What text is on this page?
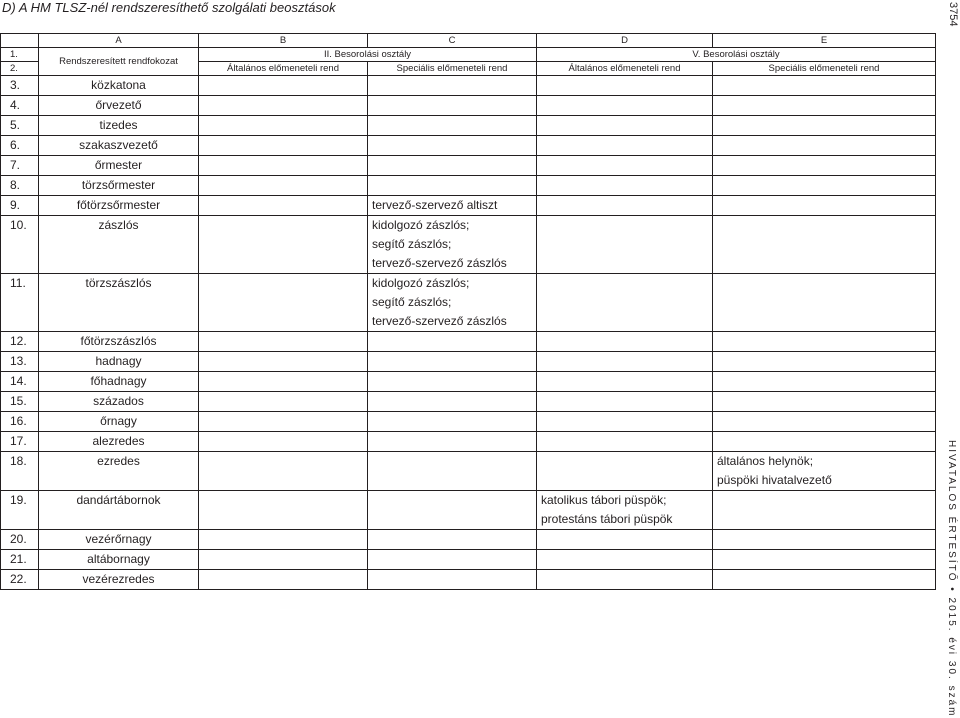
D) A HM TLSZ-nél rendszeresíthető szolgálati beosztások	3754
HIVATALOS ÉRTESÍTŐ • 2015. évi 30. szám
	A	B	C	D	E
1.	Rendszeresített rendfokozat	II. Besorolási osztály		V. Besorolási osztály	
2.		Általános előmeneteli rend	Speciális előmeneteli rend	Általános előmeneteli rend	Speciális előmeneteli rend
3.	közkatona				
4.	őrvezető				
5.	tizedes				
6.	szakaszvezető				
7.	őrmester				
8.	törzsőrmester				
9.	főtörzsőrmester		tervező-szervező altiszt		
10.	zászlós		kidolgozó zászlós;
segítő zászlós;
tervező-szervező zászlós		
11.	törzszászlós		kidolgozó zászlós;
segítő zászlós;
tervező-szervező zászlós		
12.	főtörzszászlós				
13.	hadnagy				
14.	főhadnagy				
15.	százados				
16.	őrnagy				
17.	alezredes				
18.	ezredes				általános helynök;
püspöki hivatalvezető
19.	dandártábornok			katolikus tábori püspök;
protestáns tábori püspök	
20.	vezérőrnagy				
21.	altábornagy				
22.	vezérezredes				
